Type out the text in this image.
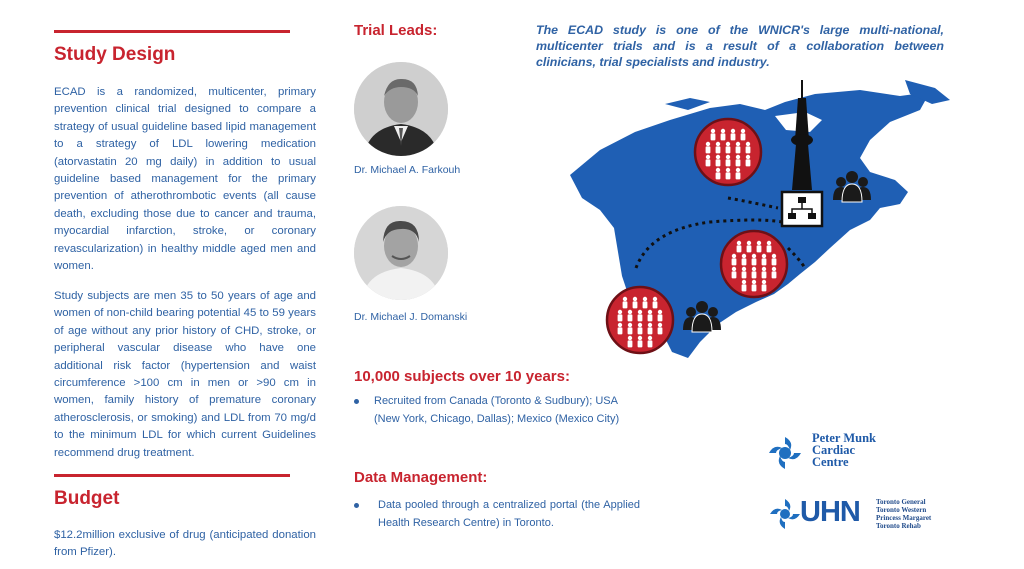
Study Design
ECAD is a randomized, multicenter, primary prevention clinical trial designed to compare a strategy of usual guideline based lipid management to a strategy of LDL lowering medication (atorvastatin 20 mg daily) in addition to usual guideline based management for the primary prevention of atherothrombotic events (all cause death, excluding those due to cancer and trauma, myocardial infarction, stroke, or coronary revascularization) in healthy middle aged men and women.
Study subjects are men 35 to 50 years of age and women of non-child bearing potential 45 to 59 years of age without any prior history of CHD, stroke, or peripheral vascular disease who have one additional risk factor (hypertension and waist circumference >100 cm in men or >90 cm in women, family history of premature coronary atherosclerosis, or smoking) and LDL from 70 mg/d to the minimum LDL for which current Guidelines recommend drug treatment.
Budget
$12.2million exclusive of drug (anticipated donation from Pfizer).
Trial Leads:
Dr. Michael A. Farkouh
Dr. Michael J. Domanski
10,000 subjects over 10 years:
Recruited from Canada (Toronto & Sudbury); USA (New York, Chicago, Dallas); Mexico (Mexico City)
Data Management:
Data pooled through a centralized portal (the Applied Health Research Centre) in Toronto.
The ECAD study is one of the WNICR's large multi-national, multicenter trials and is a result of a collaboration between clinicians, trial specialists and industry.
Peter Munk
Cardiac
Centre
UHN Toronto General
Toronto Western
Princess Margaret
Toronto Rehab
